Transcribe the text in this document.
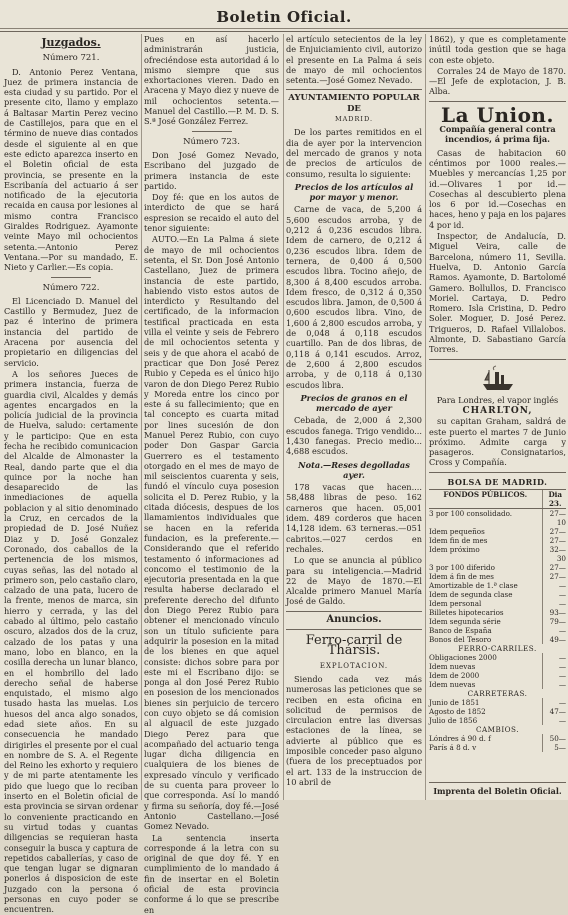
Boletin Oficial.
Juzgados.
Número 721.

D. Antonio Perez Ventana, Juez de primera instancia de esta ciudad y su partido. Por el presente cito, llamo y emplazo á Baltasar Martin Perez vecino de Castillejos, para que en el término de nueve dias contados desde el siguiente al en que este edicto aparezca inserto en el Boletin oficial de esta provincia, se presente en la Escribanía del actuario á ser notificado de la ejecutoria recaida en causa por lesiones al mismo contra Francisco Giraldes Rodriguez. Ayamonte veinte Mayo mil ochocientos setenta.—Antonio Perez Ventana.—Por su mandado, E. Nieto y Carlier.—Es copia.

Número 722.

El Licenciado D. Manuel del Castillo y Bermudez, Juez de paz é interino de primera instancia del partido de Aracena por ausencia del propietario en diligencias del servicio.

A los señores Jueces de primera instancia, fuerza de guardia civil, Alcaldes y demás agentes encargados en la policía judicial de la provincia de Huelva, saludo: certamente y le participo: Que en esta fecha he recibido comunicacion del Alcalde de Almonaster la Real, dando parte que el dia quince por la noche han desaparecido de las inmediaciones de aquella poblacion y al sitio denominado la Cruz, en cercados de la propiedad de D. José Nuñez Diaz y D. José Gonzalez Coronado, dos caballos de la pertenencia de los mismos, cuyas señas, las del notado al primero son, pelo castaño claro, calzado de una pata, lucero de la frente, menos de marca, sin hierro y cerrada, y las del cabado al último, pelo castaño oscuro, alzados dos de la cruz, calzado de los patas y una mano, lobo en blanco, en la cosilla derecha un lunar blanco, en el hombrillo del lado derecho señal de haberse enquistado, el mismo algo tusado hasta las muelas. Los huesos del anca algo sonados, edad siete años. En su consecuencia he mandado dirigirles el presente por el cual en nombre de S. A. el Regente del Reino les exhorto y requiero y de mi parte atentamente les pido que luego que lo reciban inserto en el Boletin oficial de esta provincia se sirvan ordenar lo conveniente practicando en su virtud todas y cuantas diligencias se requieran hasta conseguir la busca y captura de repetidos caballerías, y caso de que tengan lugar se dignaran ponerlos á disposicion de este Juzgado con la persona ó personas en cuyo poder se encuentren.

Pues en así hacerlo administrarán justicia, ofreciéndose esta autoridad á lo mismo siempre que sus exhortaciones vieren. Dado en Aracena y Mayo diez y nueve de mil ochocientos setenta.—Manuel del Castillo.—P. M. D. S. S.ª José González Ferrez.

Número 723.

Don José Gomez Nevado, Escribano del juzgado de primera instancia de este partido.

Doy fé: que en los autos de interdicto de que se hará espresion se recaido el auto del tenor siguiente:

AUTO.—En La Palma á siete de mayo de mil ochocientos setenta, el Sr. Don José Antonio Castellano, Juez de primera instancia de este partido, habiendo visto estos autos de interdicto y Resultando del certificado, de la informacion testifical practicada en esta villa el veinte y seis de Febrero de mil ochocientos setenta y seis y de que ahora el acabó de practicar que Don José Perez Rubio y Cepeda es el único hijo varon de don Diego Perez Rubio y Moreda entre los cinco por este á su fallecimiento; que en tal concepto es cuarta mitad por lines sucesión de don Manuel Perez Rubio, con cuyo poder Don Gaspar Garcia Guerrero es el testamento otorgado en el mes de mayo de mil seiscientos cuarenta y seis, fundó el vínculo cuya posesion solicita el D. Perez Rubio, y la citada diócesis, despues de los llamamientos individuales que se hacen en la referida fundacion, es la preferente.—Considerando que el referido testamento ó informaciones ad concomo el testimonio de la ejecutoria presentada en la que resulta haberse declarado el preferente derecho del difunto don Diego Perez Rubio para obtener el mencionado vínculo son un título suficiente para adquirir la posesion en la mitad de los bienes en que aquel consiste: dichos sobre para por este mi el Escribano dijo: se ponga al don José Perez Rubio en posesion de los mencionados bienes sin perjuicio de tercero con cuyo objeto se dá comision al alguacil de este juzgado Diego Perez para que acompañado del actuario tenga lugar dicha diligencia en cualquiera de los bienes de expresado vínculo y verificado de su cuenta para proveer lo que corresponda. Así lo mandó y firma su señoría, doy fé.—José Antonio Castellano.—José Gomez Nevado.

La sentencia inserta corresponde á la letra con su original de que doy fé. Y en cumplimiento de lo mandado á fin de insertar en el Boletin oficial de esta provincia conforme á lo que se prescribe en

el artículo setecientos de la ley de Enjuiciamiento civil, autorizo el presente en La Palma á seis de mayo de mil ochocientos setenta.—José Gomez Nevado.

AYUNTAMIENTO POPULAR DE
MADRID.

De los partes remitidos en el dia de ayer por la intervencion del mercado de granos y nota de precios de artículos de consumo, resulta lo siguiente:

Precios de los artículos al por mayor y menor.

Carne de vaca, de 5,200 á 5,600 escudos arroba, y de 0,212 á 0,236 escudos libra. Idem de carnero, de 0,212 á 0,236 escudos libra. Idem de ternera, de 0,400 á 0,500 escudos libra. Tocino añejo, de 8,300 á 8,400 escudos arroba. Idem fresco, de 0,312 á 0,350 escudos libra. Jamon, de 0,500 á 0,600 escudos libra. Vino, de 1,600 á 2,800 escudos arroba, y de 0,048 á 0,118 escudos cuartillo. Pan de dos libras, de 0,118 á 0,141 escudos. Arroz, de 2,600 á 2,800 escudos arroba, y de 0,118 á 0,130 escudos libra.

Precios de granos en el mercado de ayer

Cebada, de 2,000 á 2,300 escudos fanega. Trigo vendido... 1,430 fanegas. Precio medio... 4,688 escudos.

Nota.—Reses degolladas ayer.

178 vacas que hacen.... 58,488 libras de peso. 162 carneros que hacen. 05,001 idem. 489 corderos que hacen 14,128 idem. 63 terneras.—051 cabritos.—027 cerdos en rechales.

Lo que se anuncia al público para su inteligencia.—Madrid 22 de Mayo de 1870.—El Alcalde primero Manuel María José de Galdo.

Anuncios.
Ferro-carril de Thársis.
EXPLOTACION.

Siendo cada vez más numerosas las peticiones que se reciben en esta oficina en solicitud de permisos de circulacion entre las diversas estaciones de la línea, se advierte al público que es imposible conceder paso alguno (fuera de los preceptuados por el art. 133 de la instruccion de 10 abril de

1862), y que es completamente inútil toda gestion que se haga con este objeto.

Corrales 24 de Mayo de 1870.—El Jefe de explotacion, J. B. Alba.

La Union.
Compañía general contra incendios, á prima fija.

Casas de habitacion 60 céntimos por 1000 reales.—Muebles y mercancías 1,25 por id.—Olivares 1 por id.—Cosechas al descubierto plena los 6 por id.—Cosechas en haces, heno y paja en los pajares 4 por id.

Inspector, de Andalucía, D. Miguel Veira, calle de Barcelona, número 11, Sevilla. Huelva, D. Antonio García Ramos. Ayamonte, D. Bartolomé Gamero. Bollullos, D. Francisco Moriel. Cartaya, D. Pedro Romero. Isla Cristina, D. Pedro Soler. Moguer, D. José Perez. Trigueros, D. Rafael Villalobos. Almonte, D. Sabastiano García Torres.

Para Londres, el vapor inglés

CHARLTON,

su capitan Graham, saldrá de este puerto el martes 7 de Junio próximo. Admite carga y pasageros. Consignatarios, Cross y Compañía.

BOLSA DE MADRID.
FONDOS PÚBLICOS.	Dia 23.
3 por 100 consolidado.	27—10
Idem pequeños	27—
Idem fin de mes	27—
Idem próximo	32—30
3 por 100 diferido	27—
Idem á fin de mes	27—
Amortizable de 1.ª clase	—
Idem de segunda clase	—
Idem personal	—
Billetes hipotecarios	93—
Idem segunda série	79—
Banco de España	—
Bonos del Tesoro	49—
FERRO-CARRILES.	
Obligaciones 2000	—
Idem nuevas	—
Idem de 2000	—
Idem nuevas	—
CARRETERAS.	
Junio de 1851	—
Agosto de 1852	47—
Julio de 1856	—
CAMBIOS.	
Lóndres á 90 d. f	50—
París á 8 d. v	5—
Imprenta del Boletin Oficial.
